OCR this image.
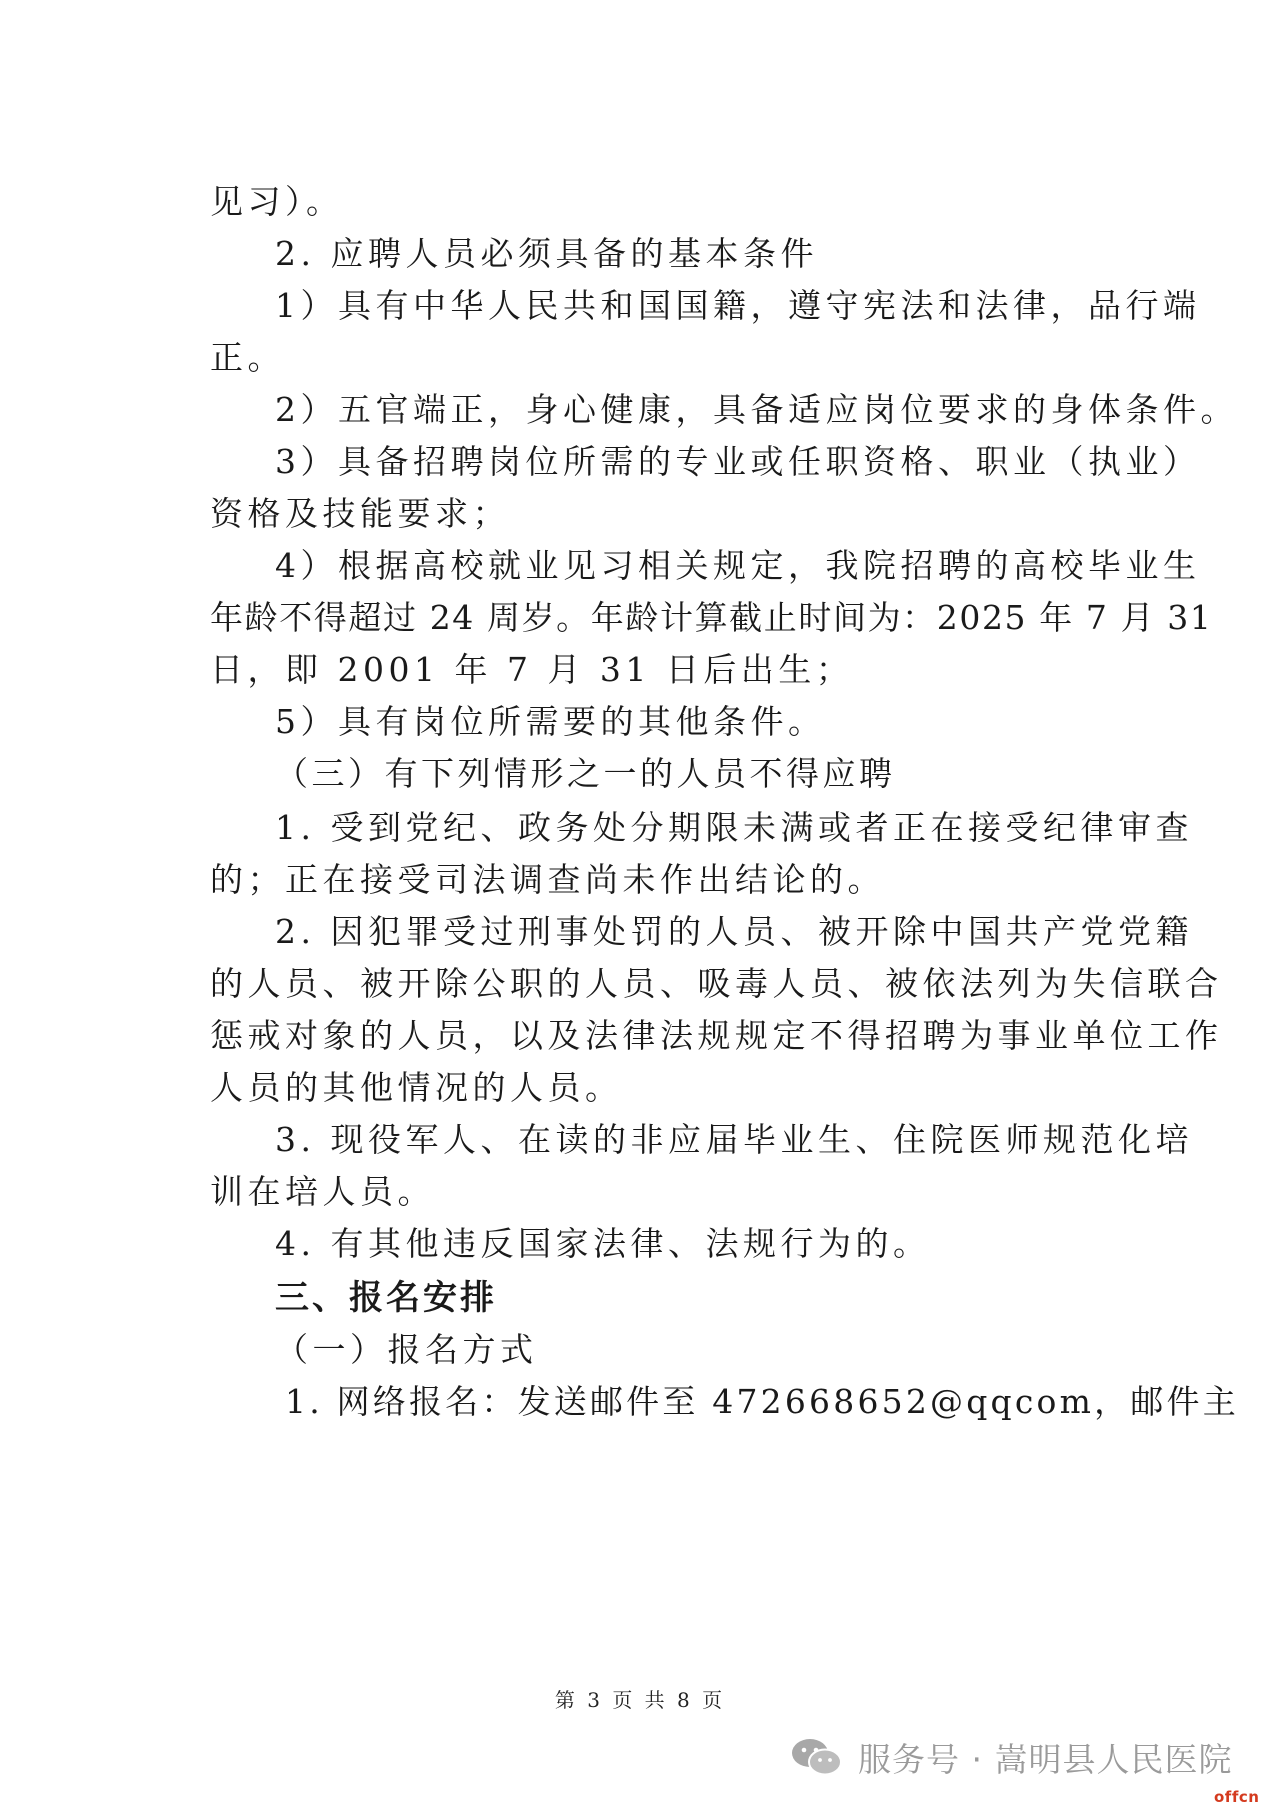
见习）。
2. 应聘人员必须具备的基本条件
1）具有中华人民共和国国籍，遵守宪法和法律，品行端
正。
2）五官端正，身心健康，具备适应岗位要求的身体条件。
3）具备招聘岗位所需的专业或任职资格、职业（执业）
资格及技能要求；
4）根据高校就业见习相关规定，我院招聘的高校毕业生
年龄不得超过 24 周岁。年龄计算截止时间为：2025 年 7 月 31
日，即 2001 年 7 月 31 日后出生；
5）具有岗位所需要的其他条件。
（三）有下列情形之一的人员不得应聘
1. 受到党纪、政务处分期限未满或者正在接受纪律审查
的；正在接受司法调查尚未作出结论的。
2. 因犯罪受过刑事处罚的人员、被开除中国共产党党籍
的人员、被开除公职的人员、吸毒人员、被依法列为失信联合
惩戒对象的人员，以及法律法规规定不得招聘为事业单位工作
人员的其他情况的人员。
3. 现役军人、在读的非应届毕业生、住院医师规范化培
训在培人员。
4. 有其他违反国家法律、法规行为的。
三、报名安排
（一）报名方式
1. 网络报名：发送邮件至 472668652@qqcom，邮件主
第 3 页 共 8 页
服务号 · 嵩明县人民医院
offcn
